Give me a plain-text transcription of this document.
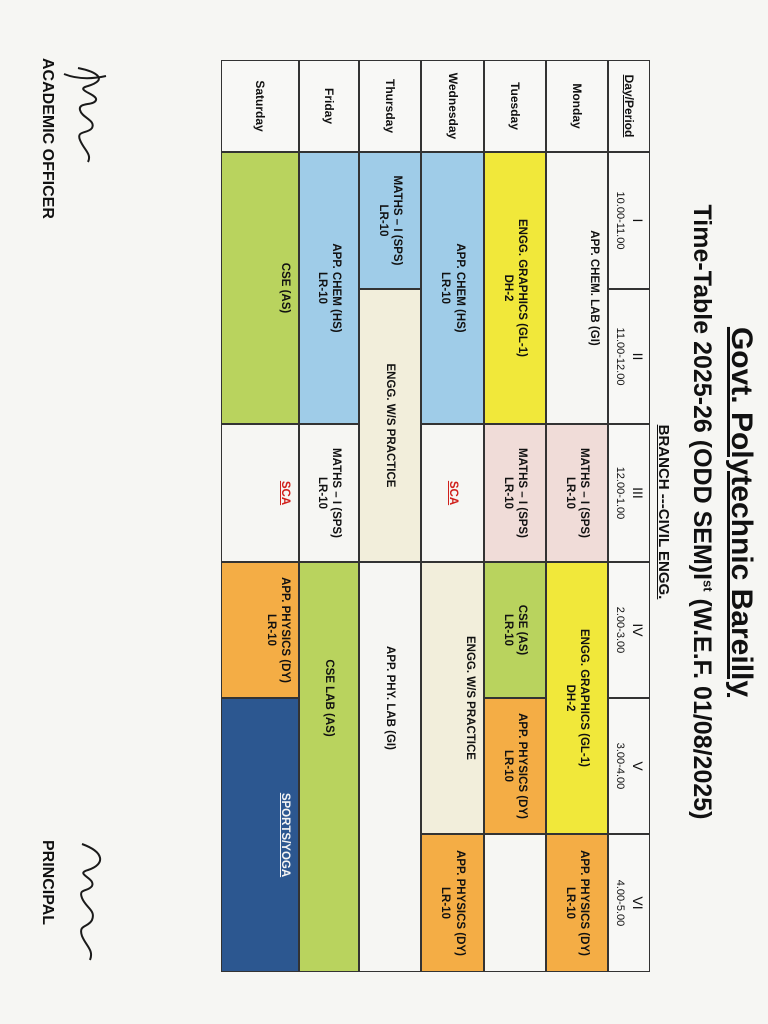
Govt. Polytechnic Bareilly
Time-Table 2025-26 (ODD SEM)Ist (W.E.F. 01/08/2025)
BRANCH ---CIVIL ENGG.
Day/Period
I
10.00-11.00
II
11.00-12.00
III
12.00-1.00
IV
2.00-3.00
V
3.00-4.00
VI
4.00-5.00
Monday
Tuesday
Wednesday
Thursday
Friday
Saturday
APP. CHEM. LAB (GI)
MATHS – I (SPS)
LR-10
ENGG. GRAPHICS (GL-1)
DH-2
APP. PHYSICS (DY)
LR-10
ENGG. GRAPHICS (GL-1)
DH-2
MATHS – I (SPS)
LR-10
CSE (AS)
LR-10
APP. PHYSICS (DY)
LR-10
APP. CHEM (HS)
LR-10
SCA
ENGG. W/S PRACTICE
APP. PHYSICS (DY)
LR-10
MATHS – I (SPS)
LR-10
ENGG. W/S PRACTICE
APP. PHY. LAB (GI)
APP. CHEM (HS)
LR-10
MATHS – I (SPS)
LR-10
CSE LAB (AS)
CSE (AS)
SCA
APP. PHYSICS (DY)
LR-10
SPORTS/YOGA
ACADEMIC OFFICER
PRINCIPAL
